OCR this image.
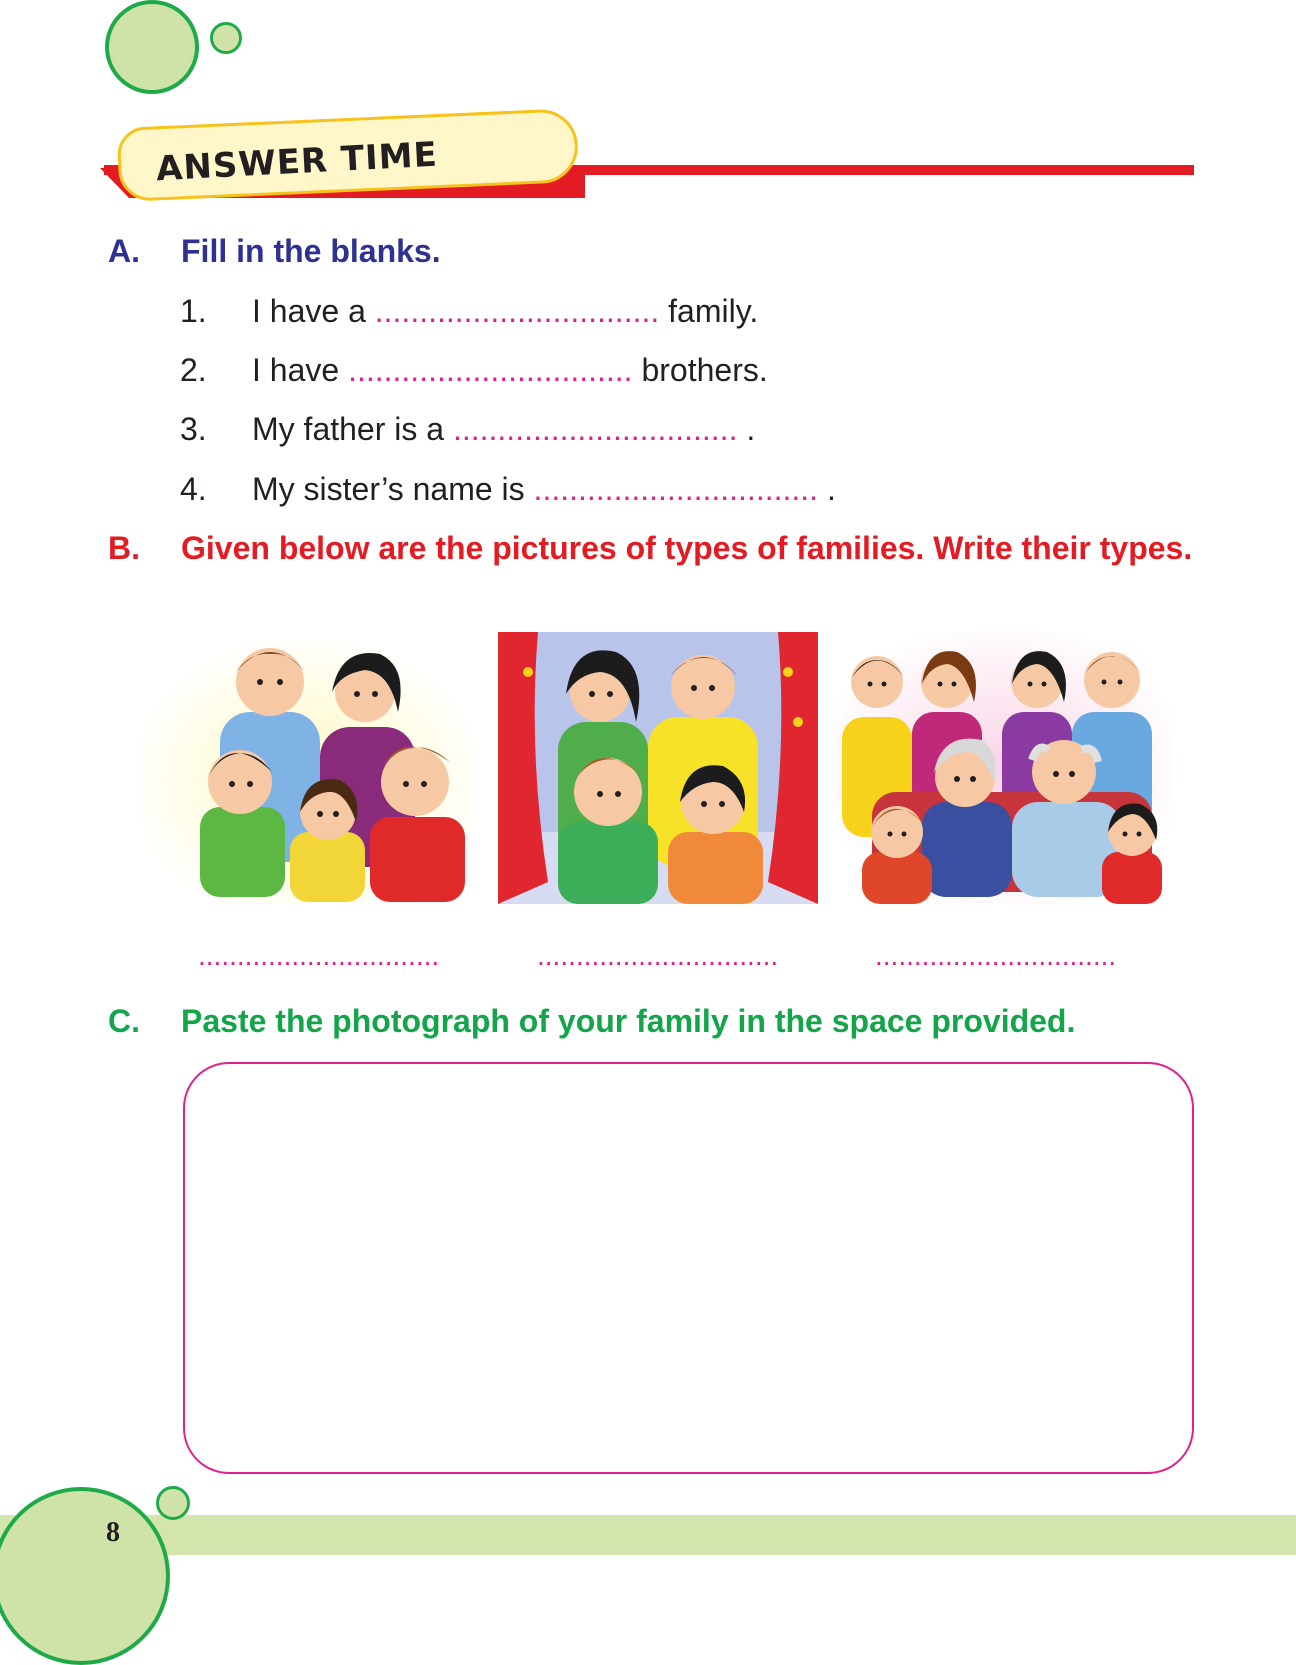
ANSWER TIME
A. Fill in the blanks.
1. I have a ................................ family.
2. I have ................................ brothers.
3. My father is a ................................ .
4. My sister’s name is ................................ .
B. Given below are the pictures of types of families. Write their types.
...............................	...............................	...............................
C. Paste the photograph of your family in the space provided.
8
